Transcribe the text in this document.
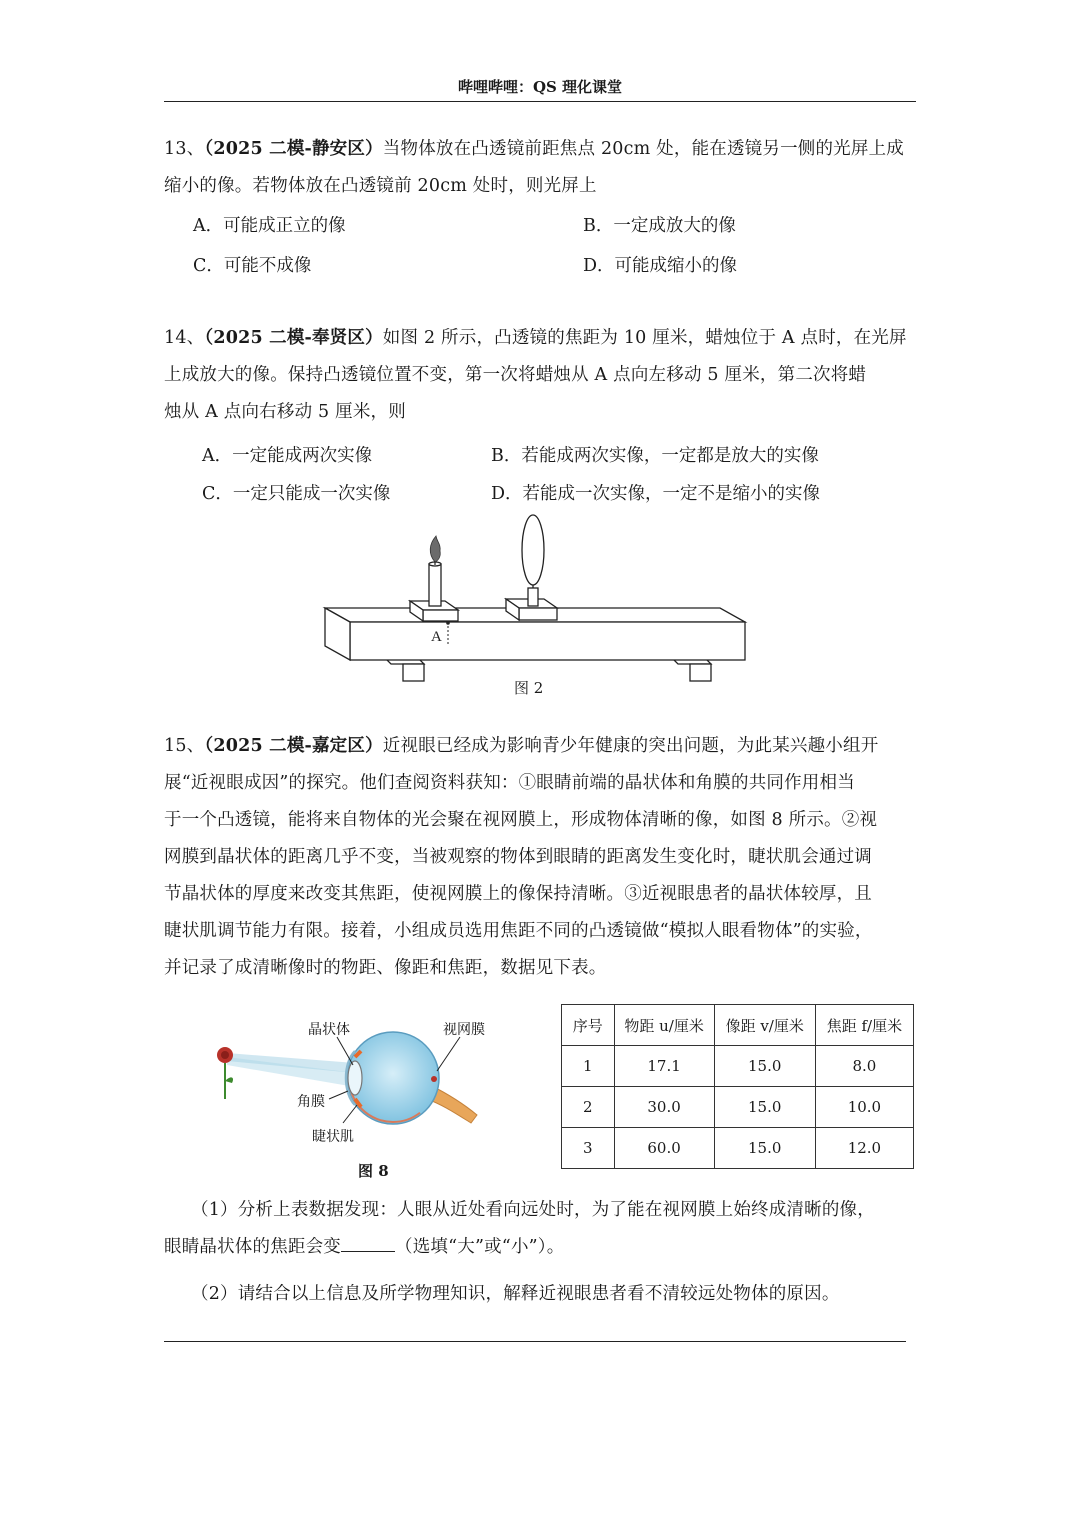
哔哩哔哩：QS 理化课堂
13、（2025 二模-静安区）当物体放在凸透镜前距焦点 20cm 处，能在透镜另一侧的光屏上成
缩小的像。若物体放在凸透镜前 20cm 处时，则光屏上
A．可能成正立的像	B．一定成放大的像
C．可能不成像	D．可能成缩小的像
14、（2025 二模-奉贤区）如图 2 所示，凸透镜的焦距为 10 厘米，蜡烛位于 A 点时，在光屏
上成放大的像。保持凸透镜位置不变，第一次将蜡烛从 A 点向左移动 5 厘米，第二次将蜡
烛从 A 点向右移动 5 厘米，则
A．一定能成两次实像	B．若能成两次实像，一定都是放大的实像
C．一定只能成一次实像	D．若能成一次实像，一定不是缩小的实像
A
图 2
15、（2025 二模-嘉定区）近视眼已经成为影响青少年健康的突出问题，为此某兴趣小组开
展“近视眼成因”的探究。他们查阅资料获知：①眼睛前端的晶状体和角膜的共同作用相当
于一个凸透镜，能将来自物体的光会聚在视网膜上，形成物体清晰的像，如图 8 所示。②视
网膜到晶状体的距离几乎不变，当被观察的物体到眼睛的距离发生变化时，睫状肌会通过调
节晶状体的厚度来改变其焦距，使视网膜上的像保持清晰。③近视眼患者的晶状体较厚，且
睫状肌调节能力有限。接着，小组成员选用焦距不同的凸透镜做“模拟人眼看物体”的实验，
并记录了成清晰像时的物距、像距和焦距，数据见下表。
晶状体	视网膜
角膜
睫状肌
图 8
序号	物距 u/厘米	像距 v/厘米	焦距 f/厘米
1	17.1	15.0	8.0
2	30.0	15.0	10.0
3	60.0	15.0	12.0
（1）分析上表数据发现：人眼从近处看向远处时，为了能在视网膜上始终成清晰的像，
眼睛晶状体的焦距会变	（选填“大”或“小”）。
（2）请结合以上信息及所学物理知识，解释近视眼患者看不清较远处物体的原因。
